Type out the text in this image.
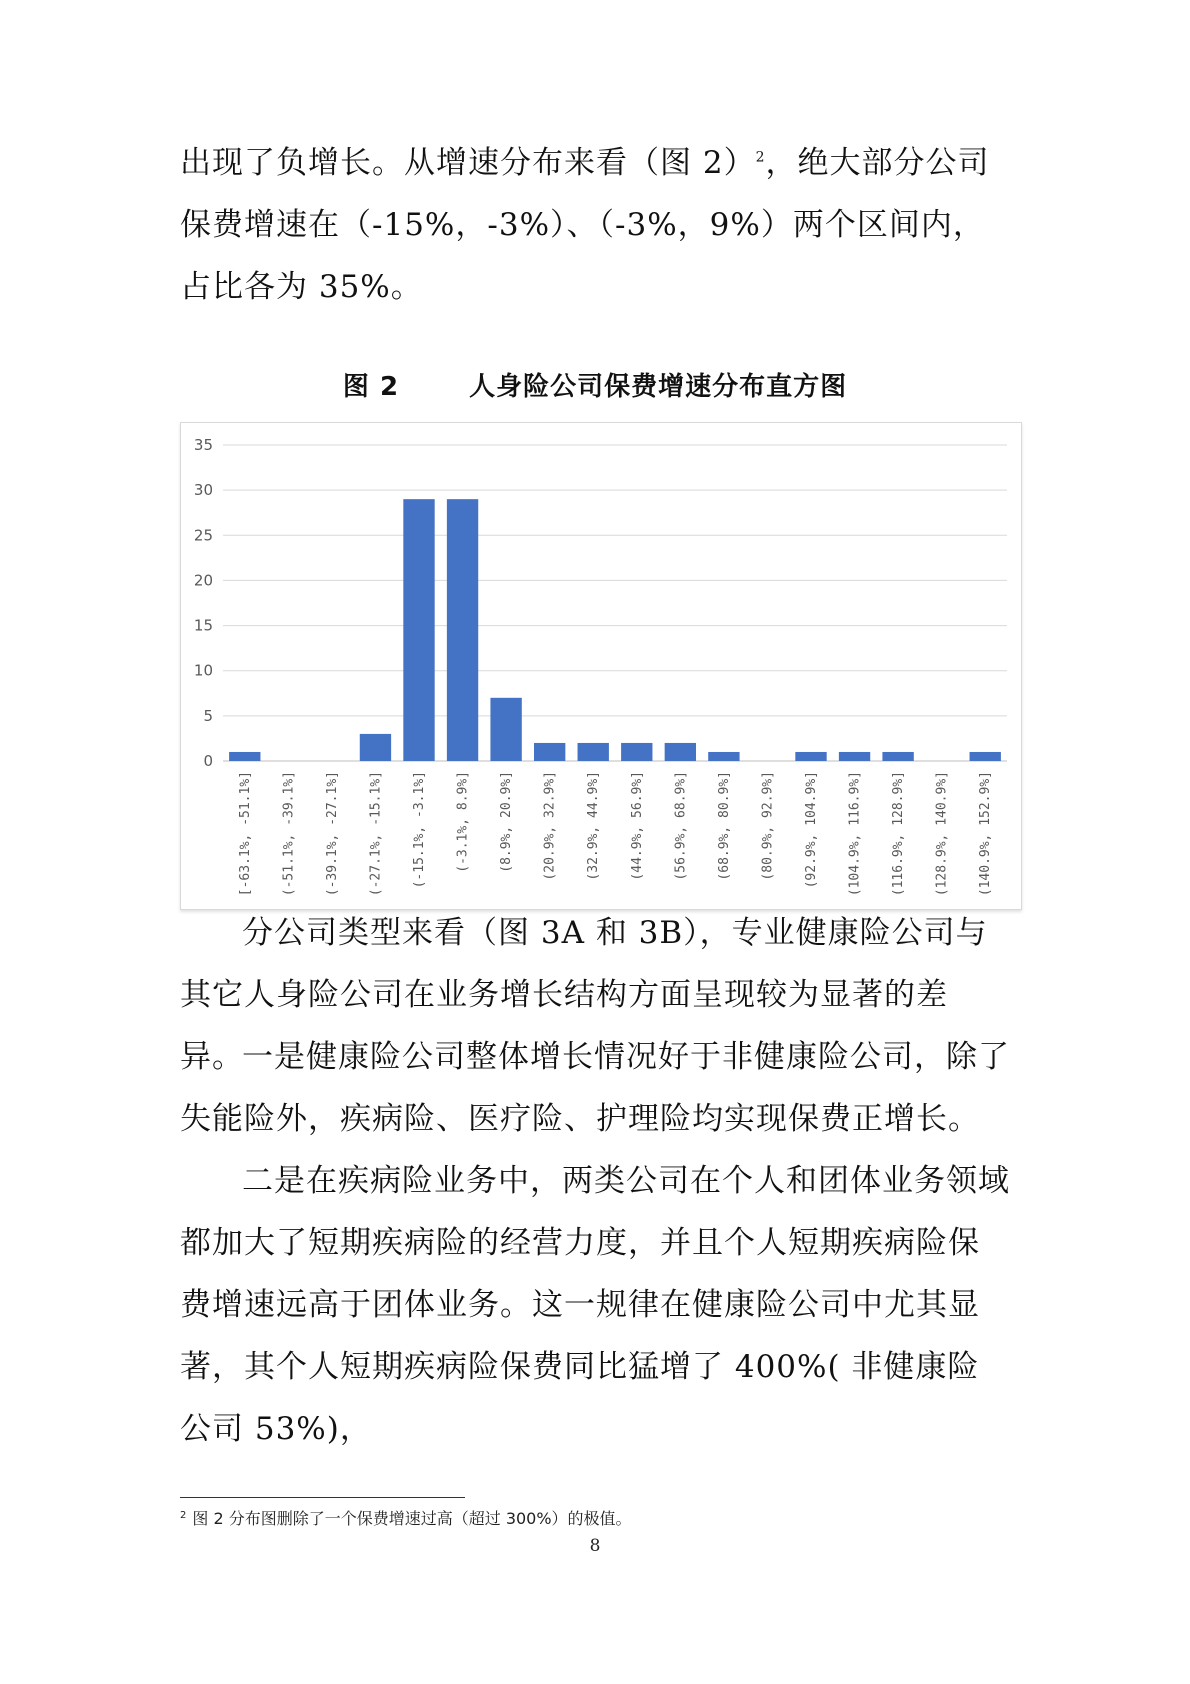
出现了负增长。从增速分布来看（图 2）$^2$，绝大部分公司保费增速在（-15%，-3%）、（-3%，9%）两个区间内，占比各为 35%。

图 2	人身险公司保费增速分布直方图
0
5
10
15
20
25
30
35
[-63.1%, -51.1%] (-51.1%, -39.1%] (-39.1%, -27.1%] (-27.1%, -15.1%] (-15.1%, -3.1%] (-3.1%, 8.9%] (8.9%, 20.9%] (20.9%, 32.9%] (32.9%, 44.9%] (44.9%, 56.9%] (56.9%, 68.9%] (68.9%, 80.9%] (80.9%, 92.9%] (92.9%, 104.9%] (104.9%, 116.9%] (116.9%, 128.9%] (128.9%, 140.9%] (140.9%, 152.9%]

分公司类型来看（图 3A 和 3B），专业健康险公司与其它人身险公司在业务增长结构方面呈现较为显著的差异。

一是健康险公司整体增长情况好于非健康险公司，除了失能险外，疾病险、医疗险、护理险均实现保费正增长。

二是在疾病险业务中，两类公司在个人和团体业务领域都加大了短期疾病险的经营力度，并且个人短期疾病险保费增速远高于团体业务。这一规律在健康险公司中尤其显著，其个人短期疾病险保费同比猛增了 400%( 非健康险公司 53%)，

$^2$ 图 2 分布图删除了一个保费增速过高（超过 300%）的极值。
8
